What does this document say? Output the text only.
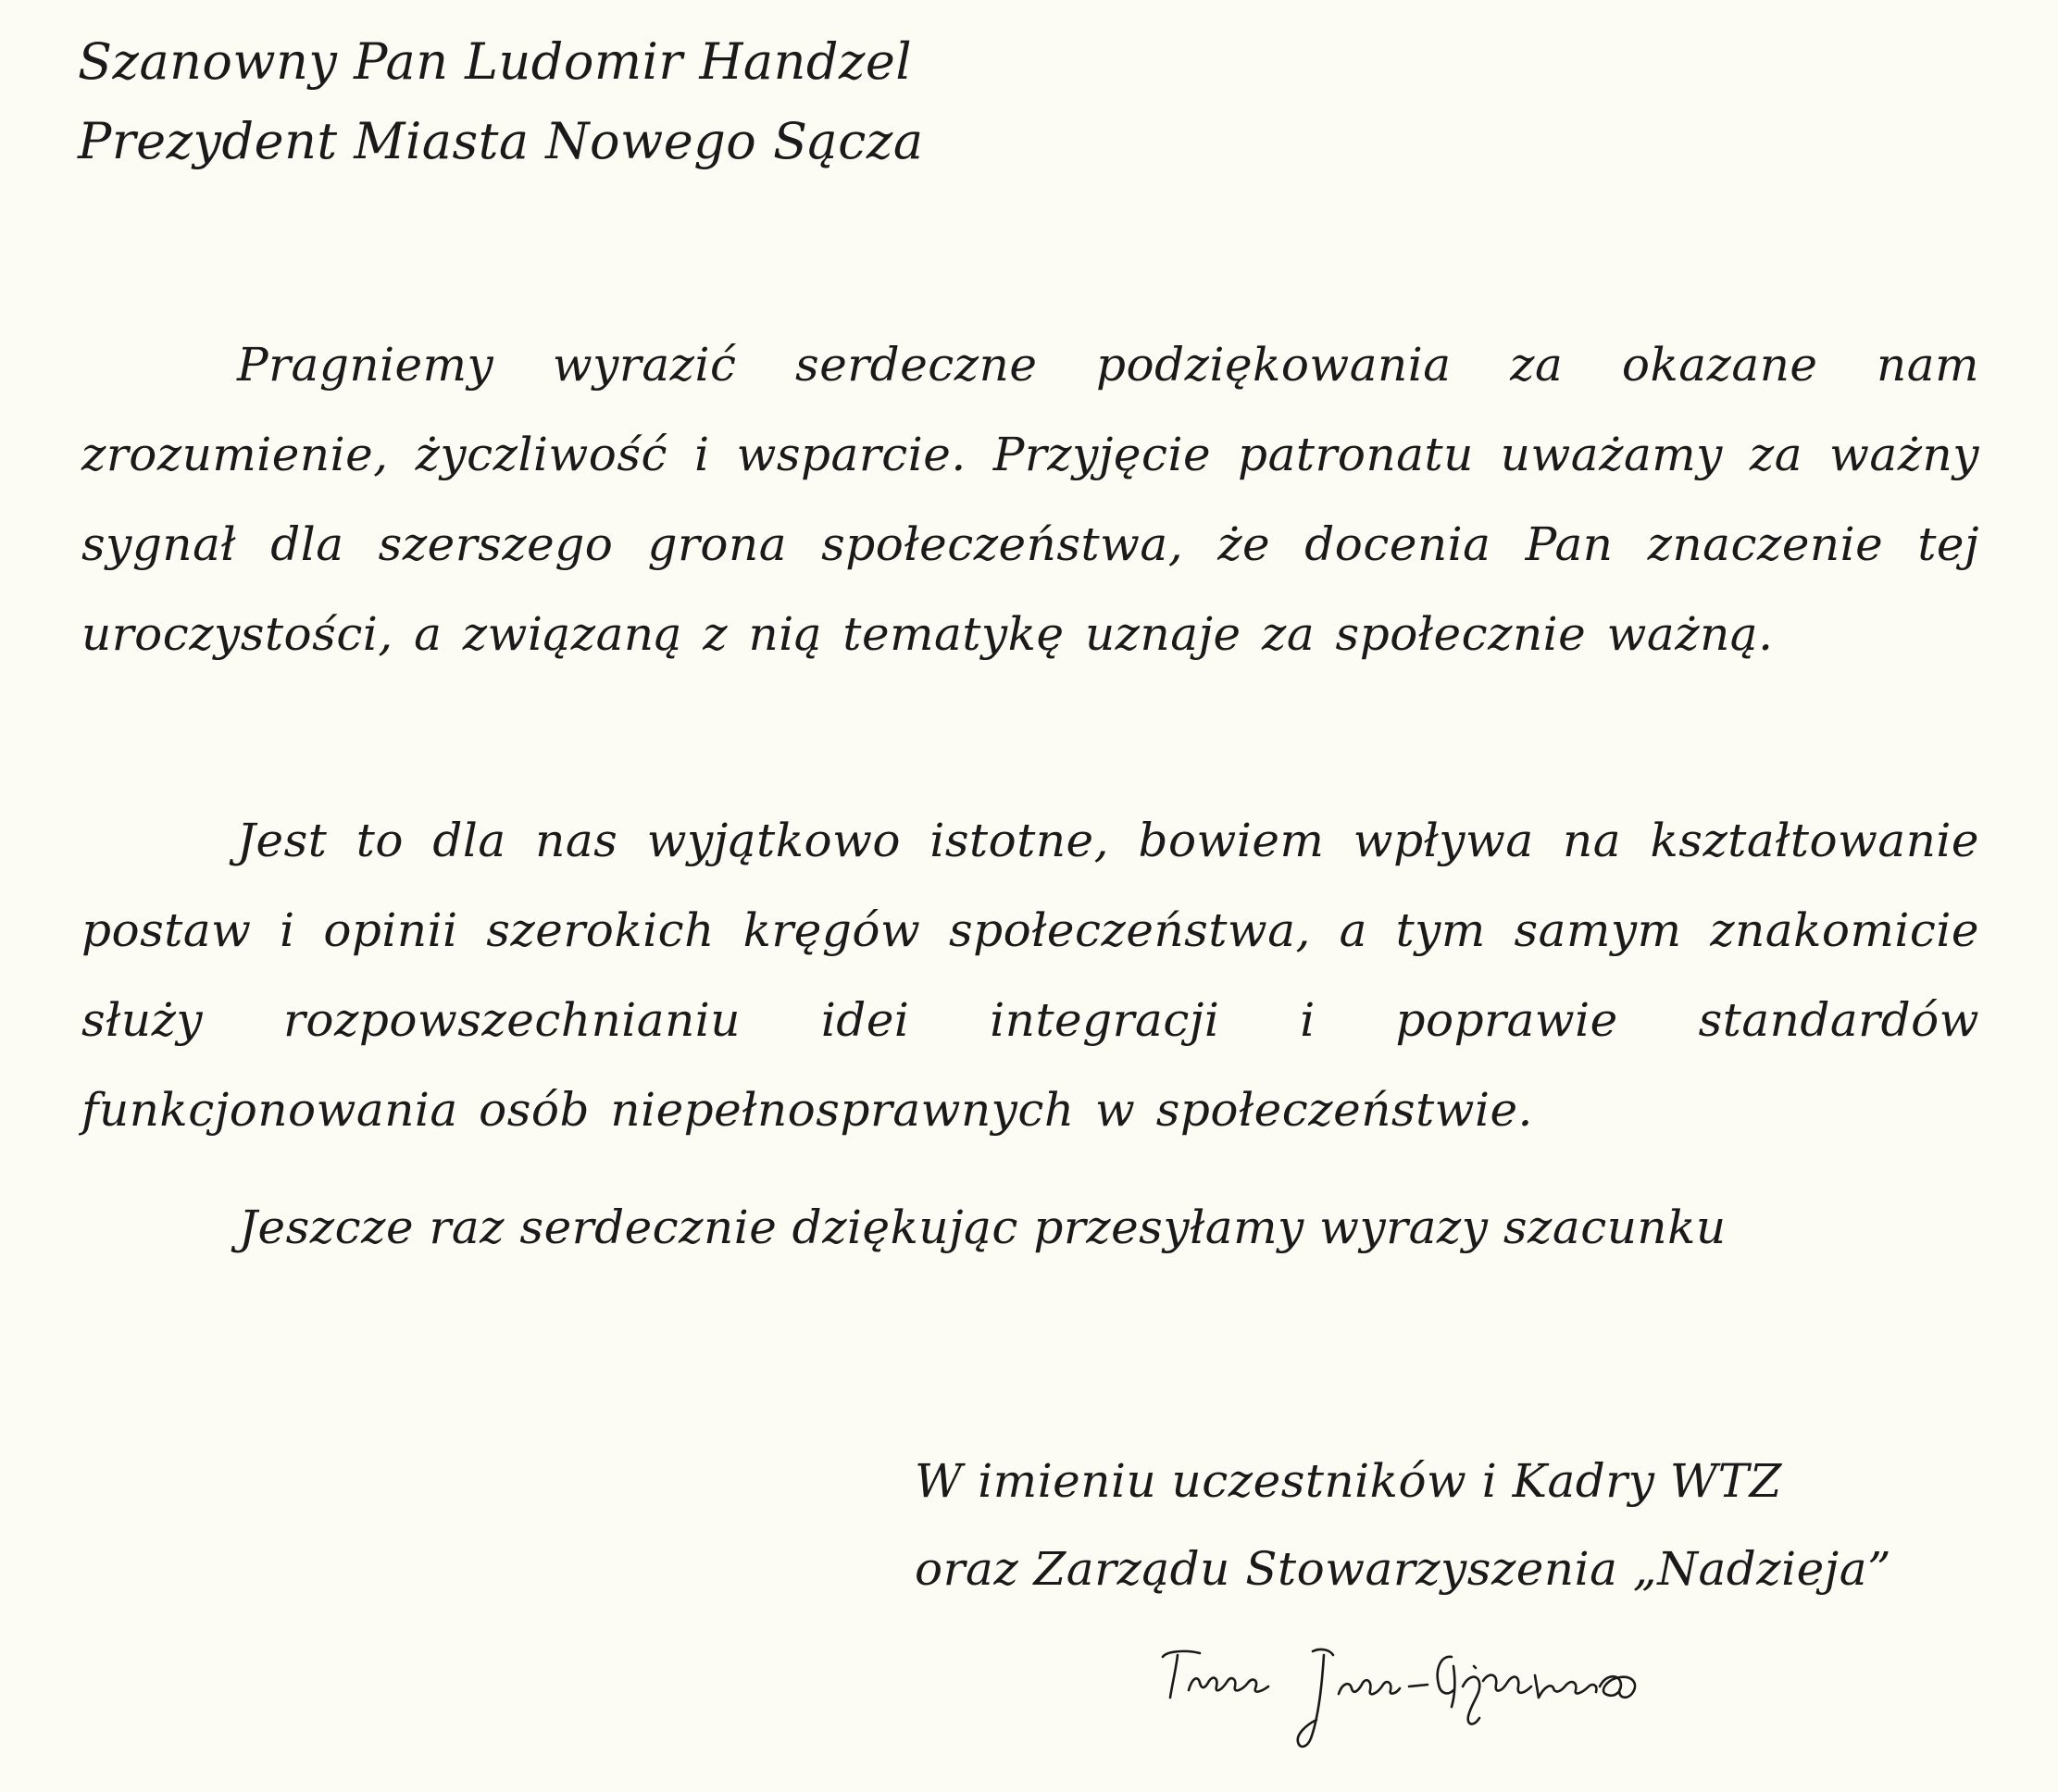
Szanowny Pan Ludomir Handzel
Prezydent Miasta Nowego Sącza

Pragniemy wyrazić serdeczne podziękowania za okazane nam zrozumienie, życzliwość i wsparcie. Przyjęcie patronatu uważamy za ważny sygnał dla szerszego grona społeczeństwa, że docenia Pan znaczenie tej uroczystości, a związaną z nią tematykę uznaje za społecznie ważną.

Jest to dla nas wyjątkowo istotne, bowiem wpływa na kształtowanie postaw i opinii szerokich kręgów społeczeństwa, a tym samym znakomicie służy rozpowszechnianiu idei integracji i poprawie standardów funkcjonowania osób niepełnosprawnych w społeczeństwie.

Jeszcze raz serdecznie dziękując przesyłamy wyrazy szacunku
W imieniu uczestników i Kadry WTZ
oraz Zarządu Stowarzyszenia „Nadzieja”
